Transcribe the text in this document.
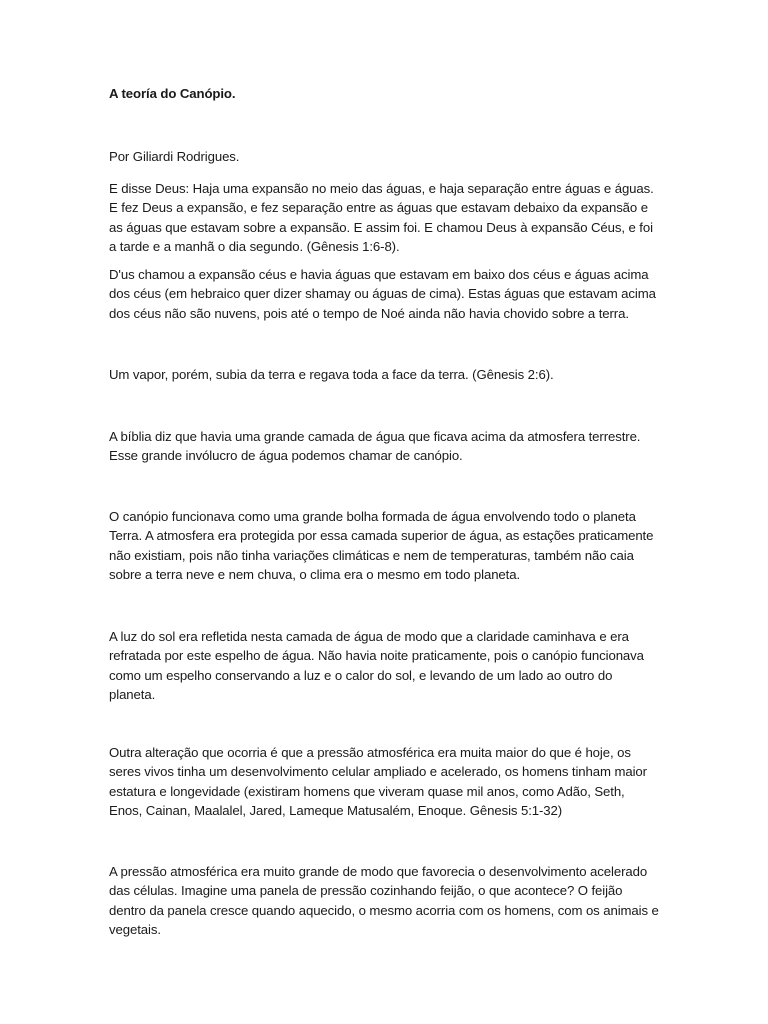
A teoría do Canópio.

Por Giliardi Rodrigues.

E disse Deus: Haja uma expansão no meio das águas, e haja separação entre águas e águas. E fez Deus a expansão, e fez separação entre as águas que estavam debaixo da expansão e as águas que estavam sobre a expansão. E assim foi. E chamou Deus à expansão Céus, e foi a tarde e a manhã o dia segundo. (Gênesis 1:6-8).

D'us chamou a expansão céus e havia águas que estavam em baixo dos céus e águas acima dos céus (em hebraico quer dizer shamay ou águas de cima). Estas águas que estavam acima dos céus não são nuvens, pois até o tempo de Noé ainda não havia chovido sobre a terra.

Um vapor, porém, subia da terra e regava toda a face da terra. (Gênesis 2:6).

A bíblia diz que havia uma grande camada de água que ficava acima da atmosfera terrestre. Esse grande invólucro de água podemos chamar de canópio.

O canópio funcionava como uma grande bolha formada de água envolvendo todo o planeta Terra. A atmosfera era protegida por essa camada superior de água, as estações praticamente não existiam, pois não tinha variações climáticas e nem de temperaturas, também não caia sobre a terra neve e nem chuva, o clima era o mesmo em todo planeta.

A luz do sol era refletida nesta camada de água de modo que a claridade caminhava e era refratada por este espelho de água. Não havia noite praticamente, pois o canópio funcionava como um espelho conservando a luz e o calor do sol, e levando de um lado ao outro do planeta.

Outra alteração que ocorria é que a pressão atmosférica era muita maior do que é hoje, os seres vivos tinha um desenvolvimento celular ampliado e acelerado, os homens tinham maior estatura e longevidade (existiram homens que viveram quase mil anos, como Adão, Seth, Enos, Cainan, Maalalel, Jared, Lameque Matusalém, Enoque. Gênesis 5:1-32)

A pressão atmosférica era muito grande de modo que favorecia o desenvolvimento acelerado das células. Imagine uma panela de pressão cozinhando feijão, o que acontece? O feijão dentro da panela cresce quando aquecido, o mesmo acorria com os homens, com os animais e vegetais.
